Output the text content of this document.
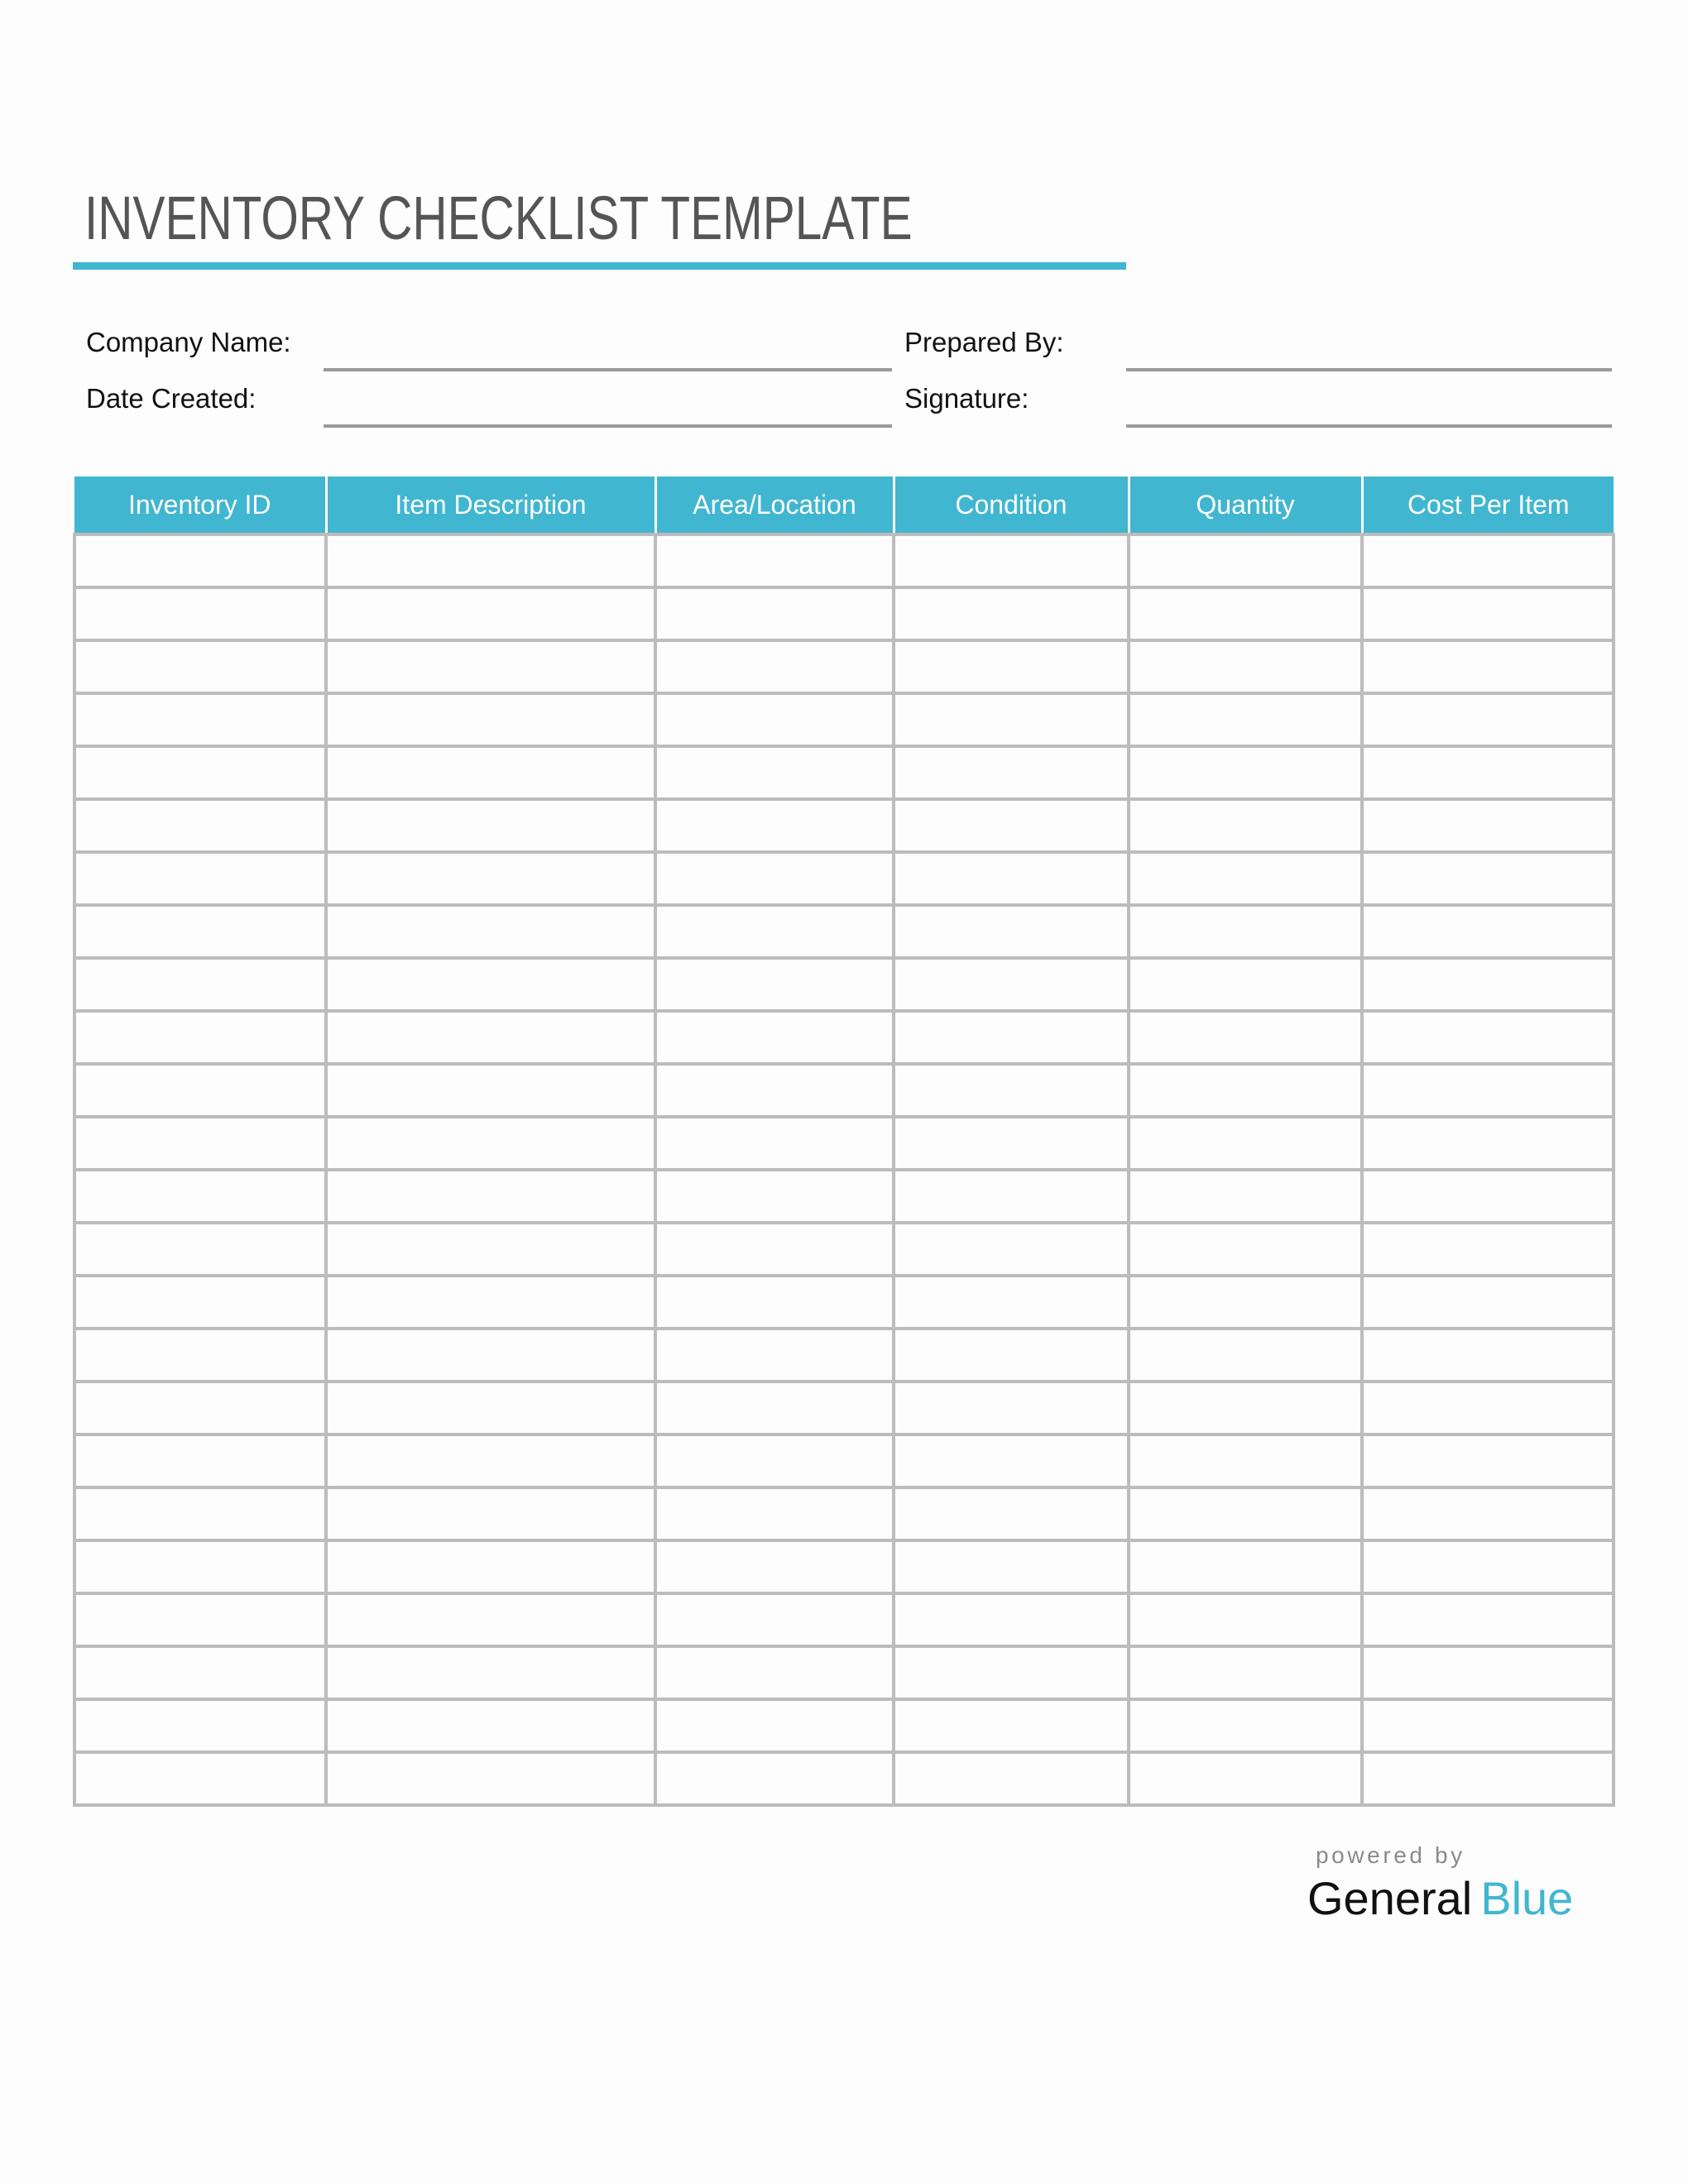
INVENTORY CHECKLIST TEMPLATE
Company Name:
Date Created:
Prepared By:
Signature:
Inventory ID	Item Description	Area/Location	Condition	Quantity	Cost Per Item

powered by
General Blue
